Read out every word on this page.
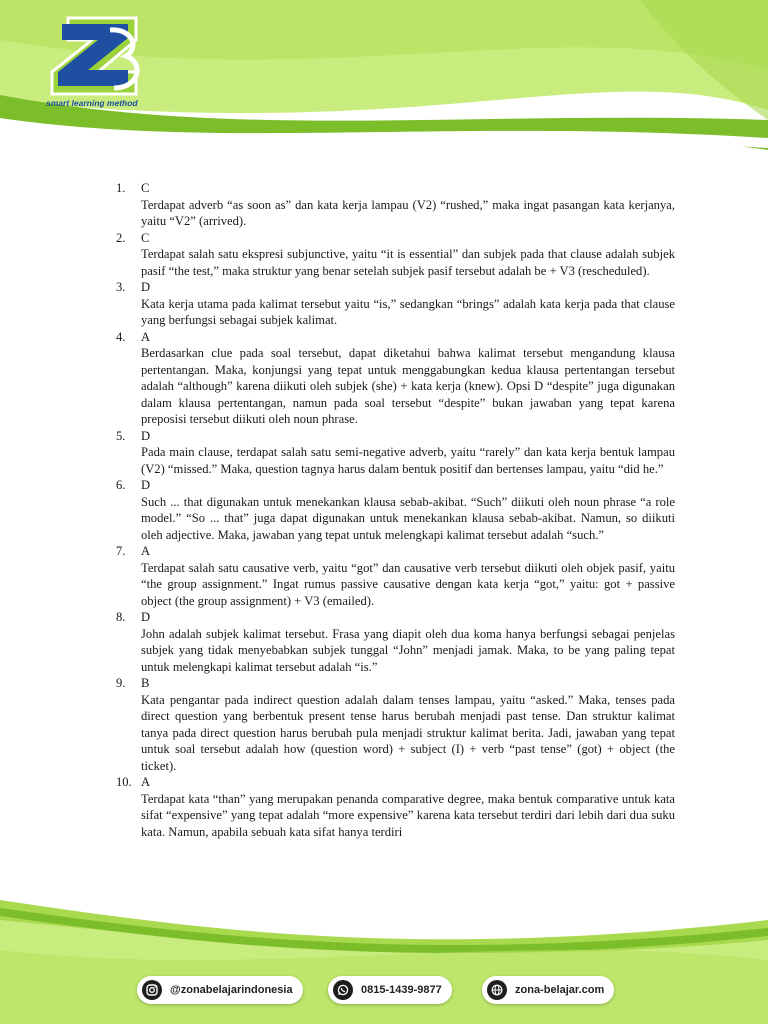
smart learning method
1. C
Terdapat adverb “as soon as” dan kata kerja lampau (V2) “rushed,” maka ingat pasangan kata kerjanya, yaitu “V2” (arrived).
2. C
Terdapat salah satu ekspresi subjunctive, yaitu “it is essential” dan subjek pada that clause adalah subjek pasif “the test,” maka struktur yang benar setelah subjek pasif tersebut adalah be + V3 (rescheduled).
3. D
Kata kerja utama pada kalimat tersebut yaitu “is,” sedangkan “brings” adalah kata kerja pada that clause yang berfungsi sebagai subjek kalimat.
4. A
Berdasarkan clue pada soal tersebut, dapat diketahui bahwa kalimat tersebut mengandung klausa pertentangan. Maka, konjungsi yang tepat untuk menggabungkan kedua klausa pertentangan tersebut adalah “although” karena diikuti oleh subjek (she) + kata kerja (knew). Opsi D “despite” juga digunakan dalam klausa pertentangan, namun pada soal tersebut “despite” bukan jawaban yang tepat karena preposisi tersebut diikuti oleh noun phrase.
5. D
Pada main clause, terdapat salah satu semi-negative adverb, yaitu “rarely” dan kata kerja bentuk lampau (V2) “missed.” Maka, question tagnya harus dalam bentuk positif dan bertenses lampau, yaitu “did he.”
6. D
Such ... that digunakan untuk menekankan klausa sebab-akibat. “Such” diikuti oleh noun phrase “a role model.” “So ... that” juga dapat digunakan untuk menekankan klausa sebab-akibat. Namun, so diikuti oleh adjective. Maka, jawaban yang tepat untuk melengkapi kalimat tersebut adalah “such.”
7. A
Terdapat salah satu causative verb, yaitu “got” dan causative verb tersebut diikuti oleh objek pasif, yaitu “the group assignment.” Ingat rumus passive causative dengan kata kerja “got,” yaitu: got + passive object (the group assignment) + V3 (emailed).
8. D
John adalah subjek kalimat tersebut. Frasa yang diapit oleh dua koma hanya berfungsi sebagai penjelas subjek yang tidak menyebabkan subjek tunggal “John” menjadi jamak. Maka, to be yang paling tepat untuk melengkapi kalimat tersebut adalah “is.”
9. B
Kata pengantar pada indirect question adalah dalam tenses lampau, yaitu “asked.” Maka, tenses pada direct question yang berbentuk present tense harus berubah menjadi past tense. Dan struktur kalimat tanya pada direct question harus berubah pula menjadi struktur kalimat berita. Jadi, jawaban yang tepat untuk soal tersebut adalah how (question word) + subject (I) + verb “past tense” (got) + object (the ticket).
10. A
Terdapat kata “than” yang merupakan penanda comparative degree, maka bentuk comparative untuk kata sifat “expensive” yang tepat adalah “more expensive” karena kata tersebut terdiri dari lebih dari dua suku kata. Namun, apabila sebuah kata sifat hanya terdiri
@zonabelajarindonesia	0815-1439-9877	zona-belajar.com
